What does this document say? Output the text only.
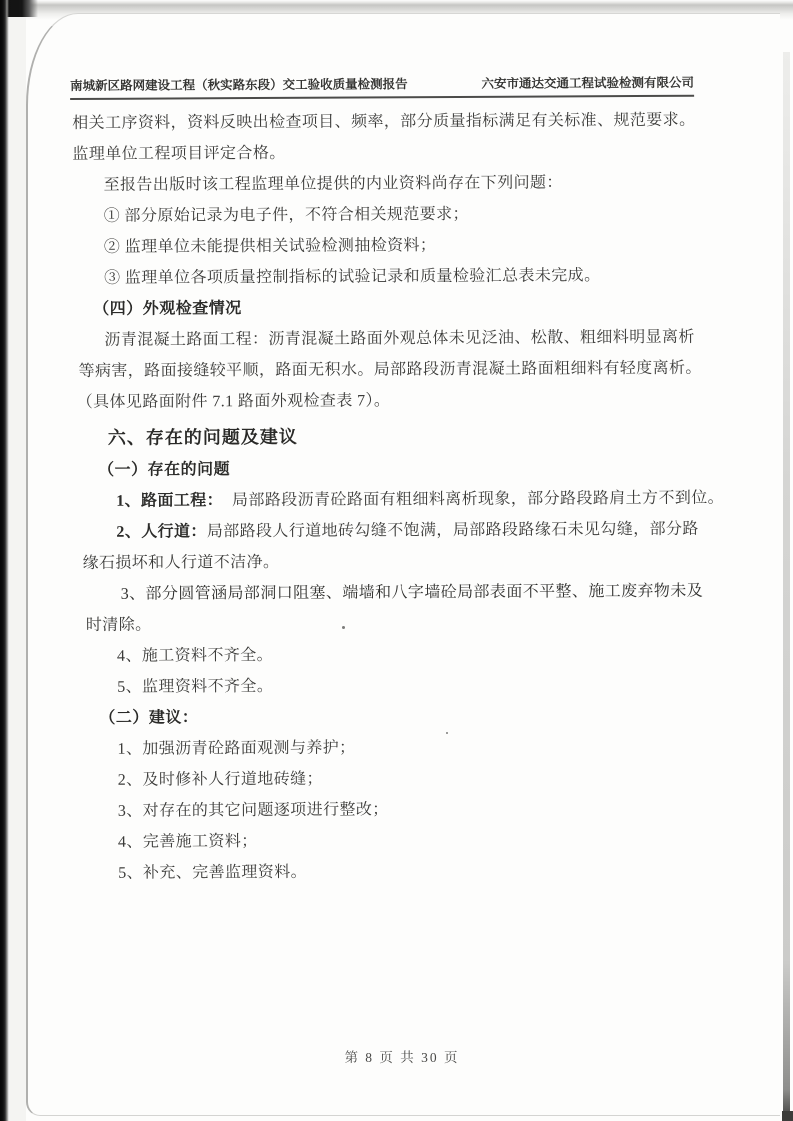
南城新区路网建设工程（秋实路东段）交工验收质量检测报告	六安市通达交通工程试验检测有限公司
相关工序资料，资料反映出检查项目、频率，部分质量指标满足有关标准、规范要求。
监理单位工程项目评定合格。
至报告出版时该工程监理单位提供的内业资料尚存在下列问题：
① 部分原始记录为电子件，不符合相关规范要求；
② 监理单位未能提供相关试验检测抽检资料；
③ 监理单位各项质量控制指标的试验记录和质量检验汇总表未完成。
（四）外观检查情况
沥青混凝土路面工程：沥青混凝土路面外观总体未见泛油、松散、粗细料明显离析
等病害，路面接缝较平顺，路面无积水。局部路段沥青混凝土路面粗细料有轻度离析。
（具体见路面附件 7.1 路面外观检查表 7）。
六、存在的问题及建议
（一）存在的问题
1、路面工程： 局部路段沥青砼路面有粗细料离析现象，部分路段路肩土方不到位。
2、人行道：局部路段人行道地砖勾缝不饱满，局部路段路缘石未见勾缝，部分路
缘石损坏和人行道不洁净。
3、部分圆管涵局部洞口阻塞、端墙和八字墙砼局部表面不平整、施工废弃物未及
时清除。
4、施工资料不齐全。
5、监理资料不齐全。
（二）建议：
1、加强沥青砼路面观测与养护；
2、及时修补人行道地砖缝；
3、对存在的其它问题逐项进行整改；
4、完善施工资料；
5、补充、完善监理资料。
第 8 页 共 30 页
